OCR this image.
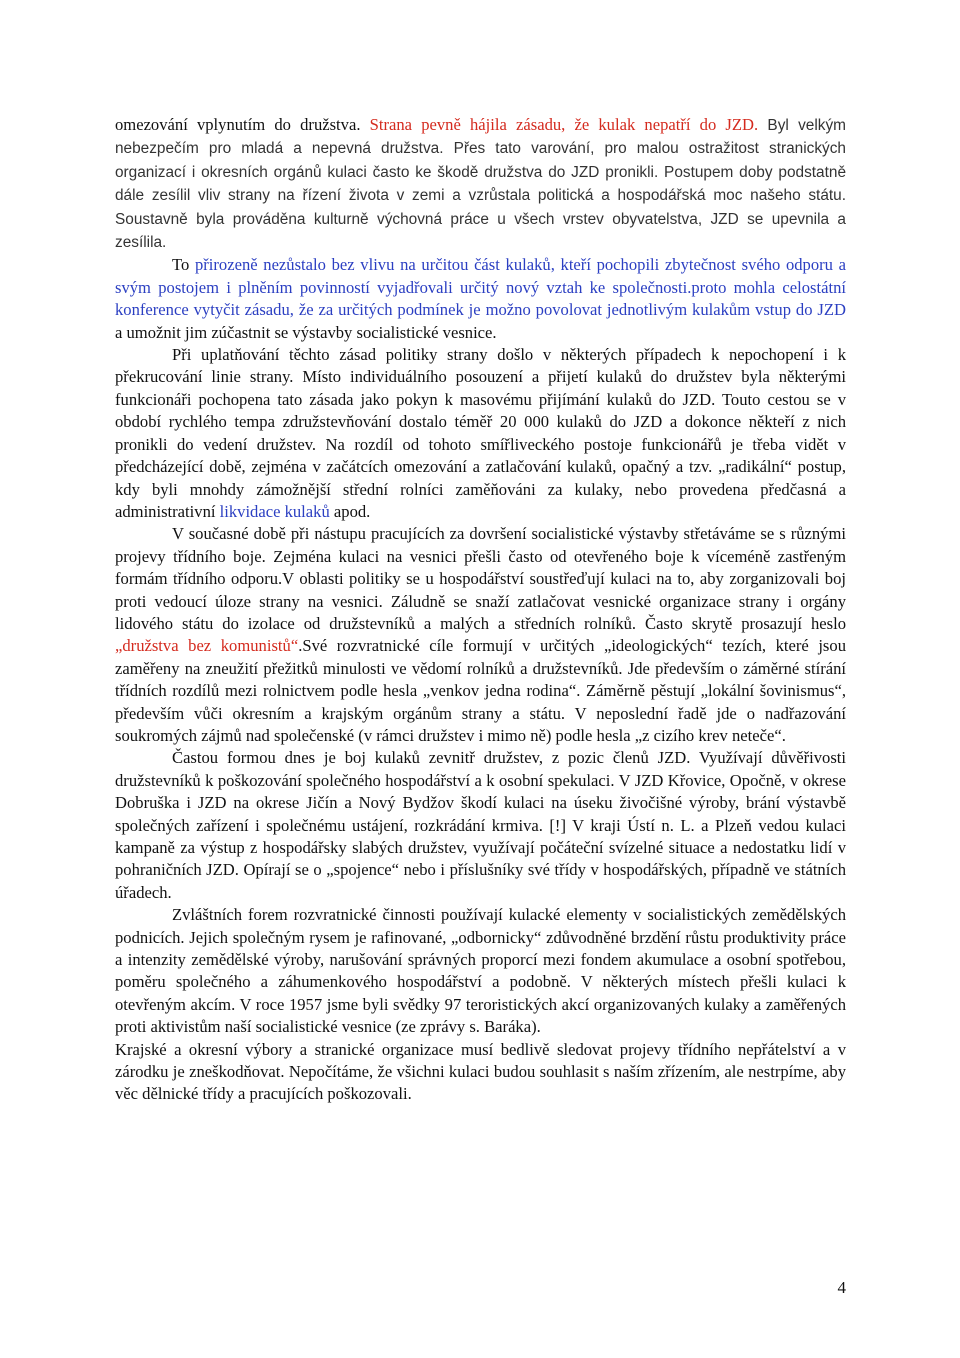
omezování vplynutím do družstva. Strana pevně hájila zásadu, že kulak nepatří do JZD. Byl velkým nebezpečím pro mladá a nepevná družstva. Přes tato varování, pro malou ostražitost stranických organizací i okresních orgánů kulaci často ke škodě družstva do JZD pronikli. Postupem doby podstatně dále zesílil vliv strany na řízení života v zemi a vzrůstala politická a hospodářská moc našeho státu. Soustavně byla prováděna kulturně výchovná práce u všech vrstev obyvatelstva, JZD se upevnila a zesílila.

To přirozeně nezůstalo bez vlivu na určitou část kulaků, kteří pochopili zbytečnost svého odporu a svým postojem i plněním povinností vyjadřovali určitý nový vztah ke společnosti.proto mohla celostátní konference vytyčit zásadu, že za určitých podmínek je možno povolovat jednotlivým kulakům vstup do JZD a umožnit jim zúčastnit se výstavby socialistické vesnice.

Při uplatňování těchto zásad politiky strany došlo v některých případech k nepochopení i k překrucování linie strany. Místo individuálního posouzení a přijetí kulaků do družstev byla některými funkcionáři pochopena tato zásada jako pokyn k masovému přijímání kulaků do JZD. Touto cestou se v období rychlého tempa združstevňování dostalo téměř 20 000 kulaků do JZD a dokonce někteří z nich pronikli do vedení družstev. Na rozdíl od tohoto smířliveckého postoje funkcionářů je třeba vidět v předcházející době, zejména v začátcích omezování a zatlačování kulaků, opačný a tzv. „radikální“ postup, kdy byli mnohdy zámožnější střední rolníci zaměňováni za kulaky, nebo provedena předčasná a administrativní likvidace kulaků apod.

V současné době při nástupu pracujících za dovršení socialistické výstavby střetáváme se s různými projevy třídního boje. Zejména kulaci na vesnici přešli často od otevřeného boje k víceméně zastřeným formám třídního odporu.V oblasti politiky se u hospodářství soustřeďují kulaci na to, aby zorganizovali boj proti vedoucí úloze strany na vesnici. Záludně se snaží zatlačovat vesnické organizace strany i orgány lidového státu do izolace od družstevníků a malých a středních rolníků. Často skrytě prosazují heslo „družstva bez komunistů“.Své rozvratnické cíle formují v určitých „ideologických“ tezích, které jsou zaměřeny na zneužití přežitků minulosti ve vědomí rolníků a družstevníků. Jde především o záměrné stírání třídních rozdílů mezi rolnictvem podle hesla „venkov jedna rodina“. Záměrně pěstují „lokální šovinismus“, především vůči okresním a krajským orgánům strany a státu. V neposlední řadě jde o nadřazování soukromých zájmů nad společenské (v rámci družstev i mimo ně) podle hesla „z cizího krev neteče“.

Častou formou dnes je boj kulaků zevnitř družstev, z pozic členů JZD. Využívají důvěřivosti družstevníků k poškozování společného hospodářství a k osobní spekulaci. V JZD Křovice, Opočně, v okrese Dobruška i JZD na okrese Jičín a Nový Bydžov škodí kulaci na úseku živočišné výroby, brání výstavbě společných zařízení i společnému ustájení, rozkrádání krmiva. [!] V kraji Ústí n. L. a Plzeň vedou kulaci kampaně za výstup z hospodářsky slabých družstev, využívají počáteční svízelné situace a nedostatku lidí v pohraničních JZD. Opírají se o „spojence“ nebo i příslušníky své třídy v hospodářských, případně ve státních úřadech.

Zvláštních forem rozvratnické činnosti používají kulacké elementy v socialistických zemědělských podnicích. Jejich společným rysem je rafinované, „odbornicky“ zdůvodněné brzdění růstu produktivity práce a intenzity zemědělské výroby, narušování správných proporcí mezi fondem akumulace a osobní spotřebou, poměru společného a záhumenkového hospodářství a podobně. V některých místech přešli kulaci k otevřeným akcím. V roce 1957 jsme byli svědky 97 teroristických akcí organizovaných kulaky a zaměřených proti aktivistům naší socialistické vesnice (ze zprávy s. Baráka).

Krajské a okresní výbory a stranické organizace musí bedlivě sledovat projevy třídního nepřátelství a v zárodku je zneškodňovat. Nepočítáme, že všichni kulaci budou souhlasit s naším zřízením, ale nestrpíme, aby věc dělnické třídy a pracujících poškozovali.

4
